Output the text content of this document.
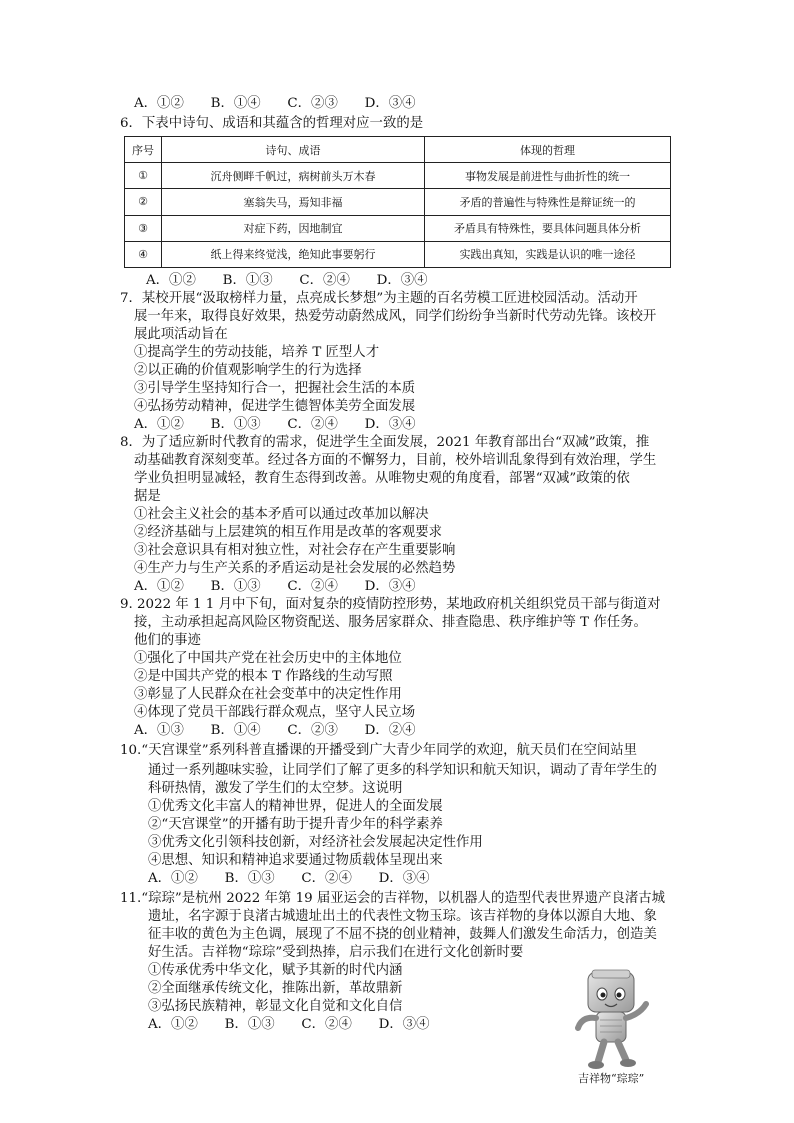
A．①②　　B．①④　　C．②③　　D．③④
6．下表中诗句、成语和其蕴含的哲理对应一致的是
序号	诗句、成语	体现的哲理
①	沉舟侧畔千帆过，病树前头万木春	事物发展是前进性与曲折性的统一
②	塞翁失马，焉知非福	矛盾的普遍性与特殊性是辩证统一的
③	对症下药，因地制宜	矛盾具有特殊性，要具体问题具体分析
④	纸上得来终觉浅，绝知此事要躬行	实践出真知，实践是认识的唯一途径
A．①②　　B．①③　　C．②④　　D．③④
7．某校开展“汲取榜样力量，点亮成长梦想”为主题的百名劳模工匠进校园活动。活动开
展一年来，取得良好效果，热爱劳动蔚然成风，同学们纷纷争当新时代劳动先锋。该校开
展此项活动旨在
①提高学生的劳动技能，培养 T 匠型人才
②以正确的价值观影响学生的行为选择
③引导学生坚持知行合一，把握社会生活的本质
④弘扬劳动精神，促进学生德智体美劳全面发展
A．①②　　B．①③　　C．②④　　D．③④
8．为了适应新时代教育的需求，促进学生全面发展，2021 年教育部出台“双减”政策，推
动基础教育深刻变革。经过各方面的不懈努力，目前，校外培训乱象得到有效治理，学生
学业负担明显减轻，教育生态得到改善。从唯物史观的角度看，部署“双减”政策的依
据是
①社会主义社会的基本矛盾可以通过改革加以解决
②经济基础与上层建筑的相互作用是改革的客观要求
③社会意识具有相对独立性，对社会存在产生重要影响
④生产力与生产关系的矛盾运动是社会发展的必然趋势
A．①②　　B．①③　　C．②④　　D．③④
9. 2022 年 1 1 月中下旬，面对复杂的疫情防控形势，某地政府机关组织党员干部与街道对
接，主动承担起高风险区物资配送、服务居家群众、排查隐患、秩序维护等 T 作任务。
他们的事迹
①强化了中国共产党在社会历史中的主体地位
②是中国共产党的根本 T 作路线的生动写照
③彰显了人民群众在社会变革中的决定性作用
④体现了党员干部践行群众观点，坚守人民立场
A．①③　　B．①④　　C．②③　　D．②④
10.“天宫课堂”系列科普直播课的开播受到广大青少年同学的欢迎，航天员们在空间站里
通过一系列趣味实验，让同学们了解了更多的科学知识和航天知识，调动了青年学生的
科研热情，激发了学生们的太空梦。这说明
①优秀文化丰富人的精神世界，促进人的全面发展
②“天宫课堂”的开播有助于提升青少年的科学素养
③优秀文化引领科技创新，对经济社会发展起决定性作用
④思想、知识和精神追求要通过物质载体呈现出来
A．①②　　B．①③　　C．②④　　D．③④
11.“琮琮”是杭州 2022 年第 19 届亚运会的吉祥物，以机器人的造型代表世界遗产良渚古城
遗址，名字源于良渚古城遗址出土的代表性文物玉琮。该吉祥物的身体以源自大地、象
征丰收的黄色为主色调，展现了不屈不挠的创业精神，鼓舞人们激发生命活力，创造美
好生活。吉祥物“琮琮”受到热捧，启示我们在进行文化创新时要
①传承优秀中华文化，赋予其新的时代内涵
②全面继承传统文化，推陈出新，革故鼎新
③弘扬民族精神，彰显文化自觉和文化自信
A．①②　　B．①③　　C．②④　　D．③④
吉祥物“琮琮”
